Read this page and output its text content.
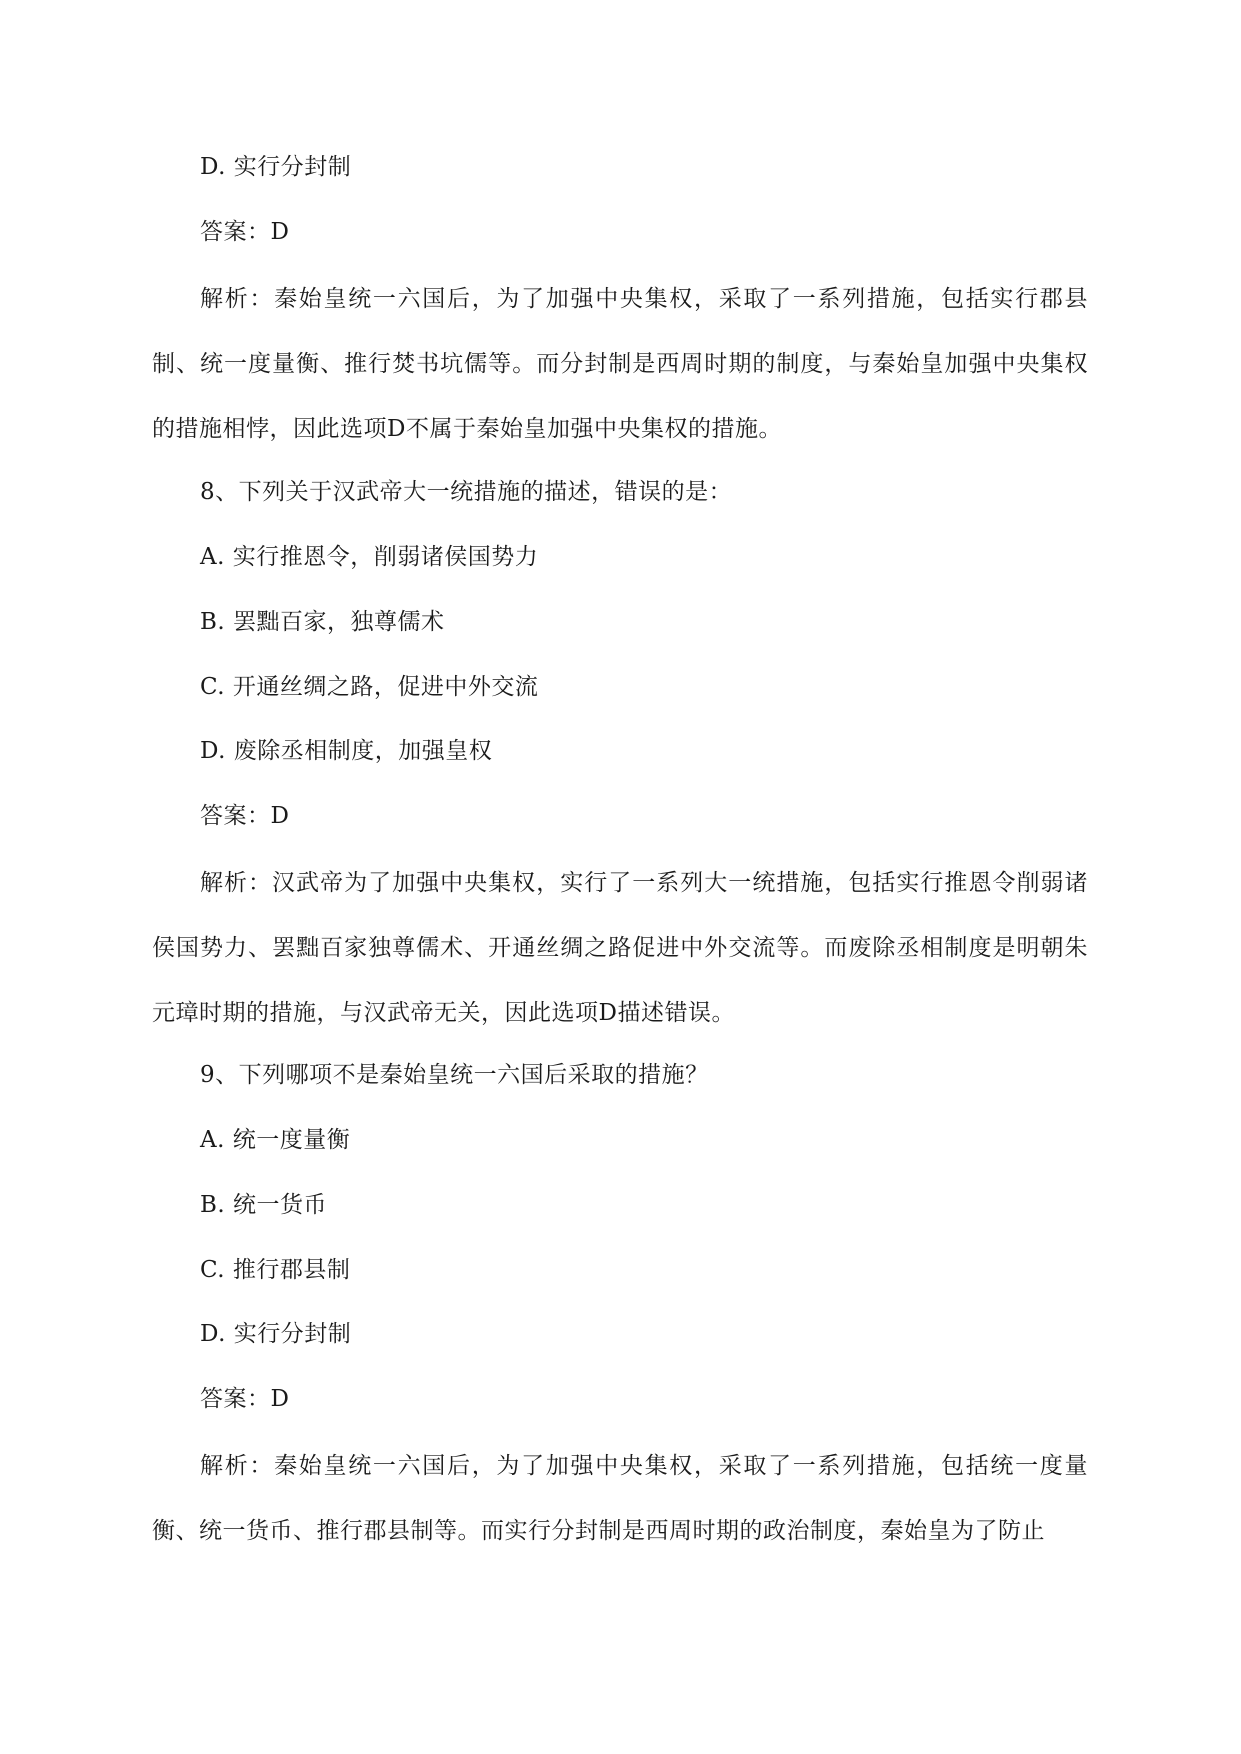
D. 实行分封制
答案：D
解析：秦始皇统一六国后，为了加强中央集权，采取了一系列措施，包括实行郡县制、统一度量衡、推行焚书坑儒等。而分封制是西周时期的制度，与秦始皇加强中央集权的措施相悖，因此选项D不属于秦始皇加强中央集权的措施。
8、下列关于汉武帝大一统措施的描述，错误的是：
A. 实行推恩令，削弱诸侯国势力
B. 罢黜百家，独尊儒术
C. 开通丝绸之路，促进中外交流
D. 废除丞相制度，加强皇权
答案：D
解析：汉武帝为了加强中央集权，实行了一系列大一统措施，包括实行推恩令削弱诸侯国势力、罢黜百家独尊儒术、开通丝绸之路促进中外交流等。而废除丞相制度是明朝朱元璋时期的措施，与汉武帝无关，因此选项D描述错误。
9、下列哪项不是秦始皇统一六国后采取的措施？
A. 统一度量衡
B. 统一货币
C. 推行郡县制
D. 实行分封制
答案：D
解析：秦始皇统一六国后，为了加强中央集权，采取了一系列措施，包括统一度量衡、统一货币、推行郡县制等。而实行分封制是西周时期的政治制度，秦始皇为了防止
